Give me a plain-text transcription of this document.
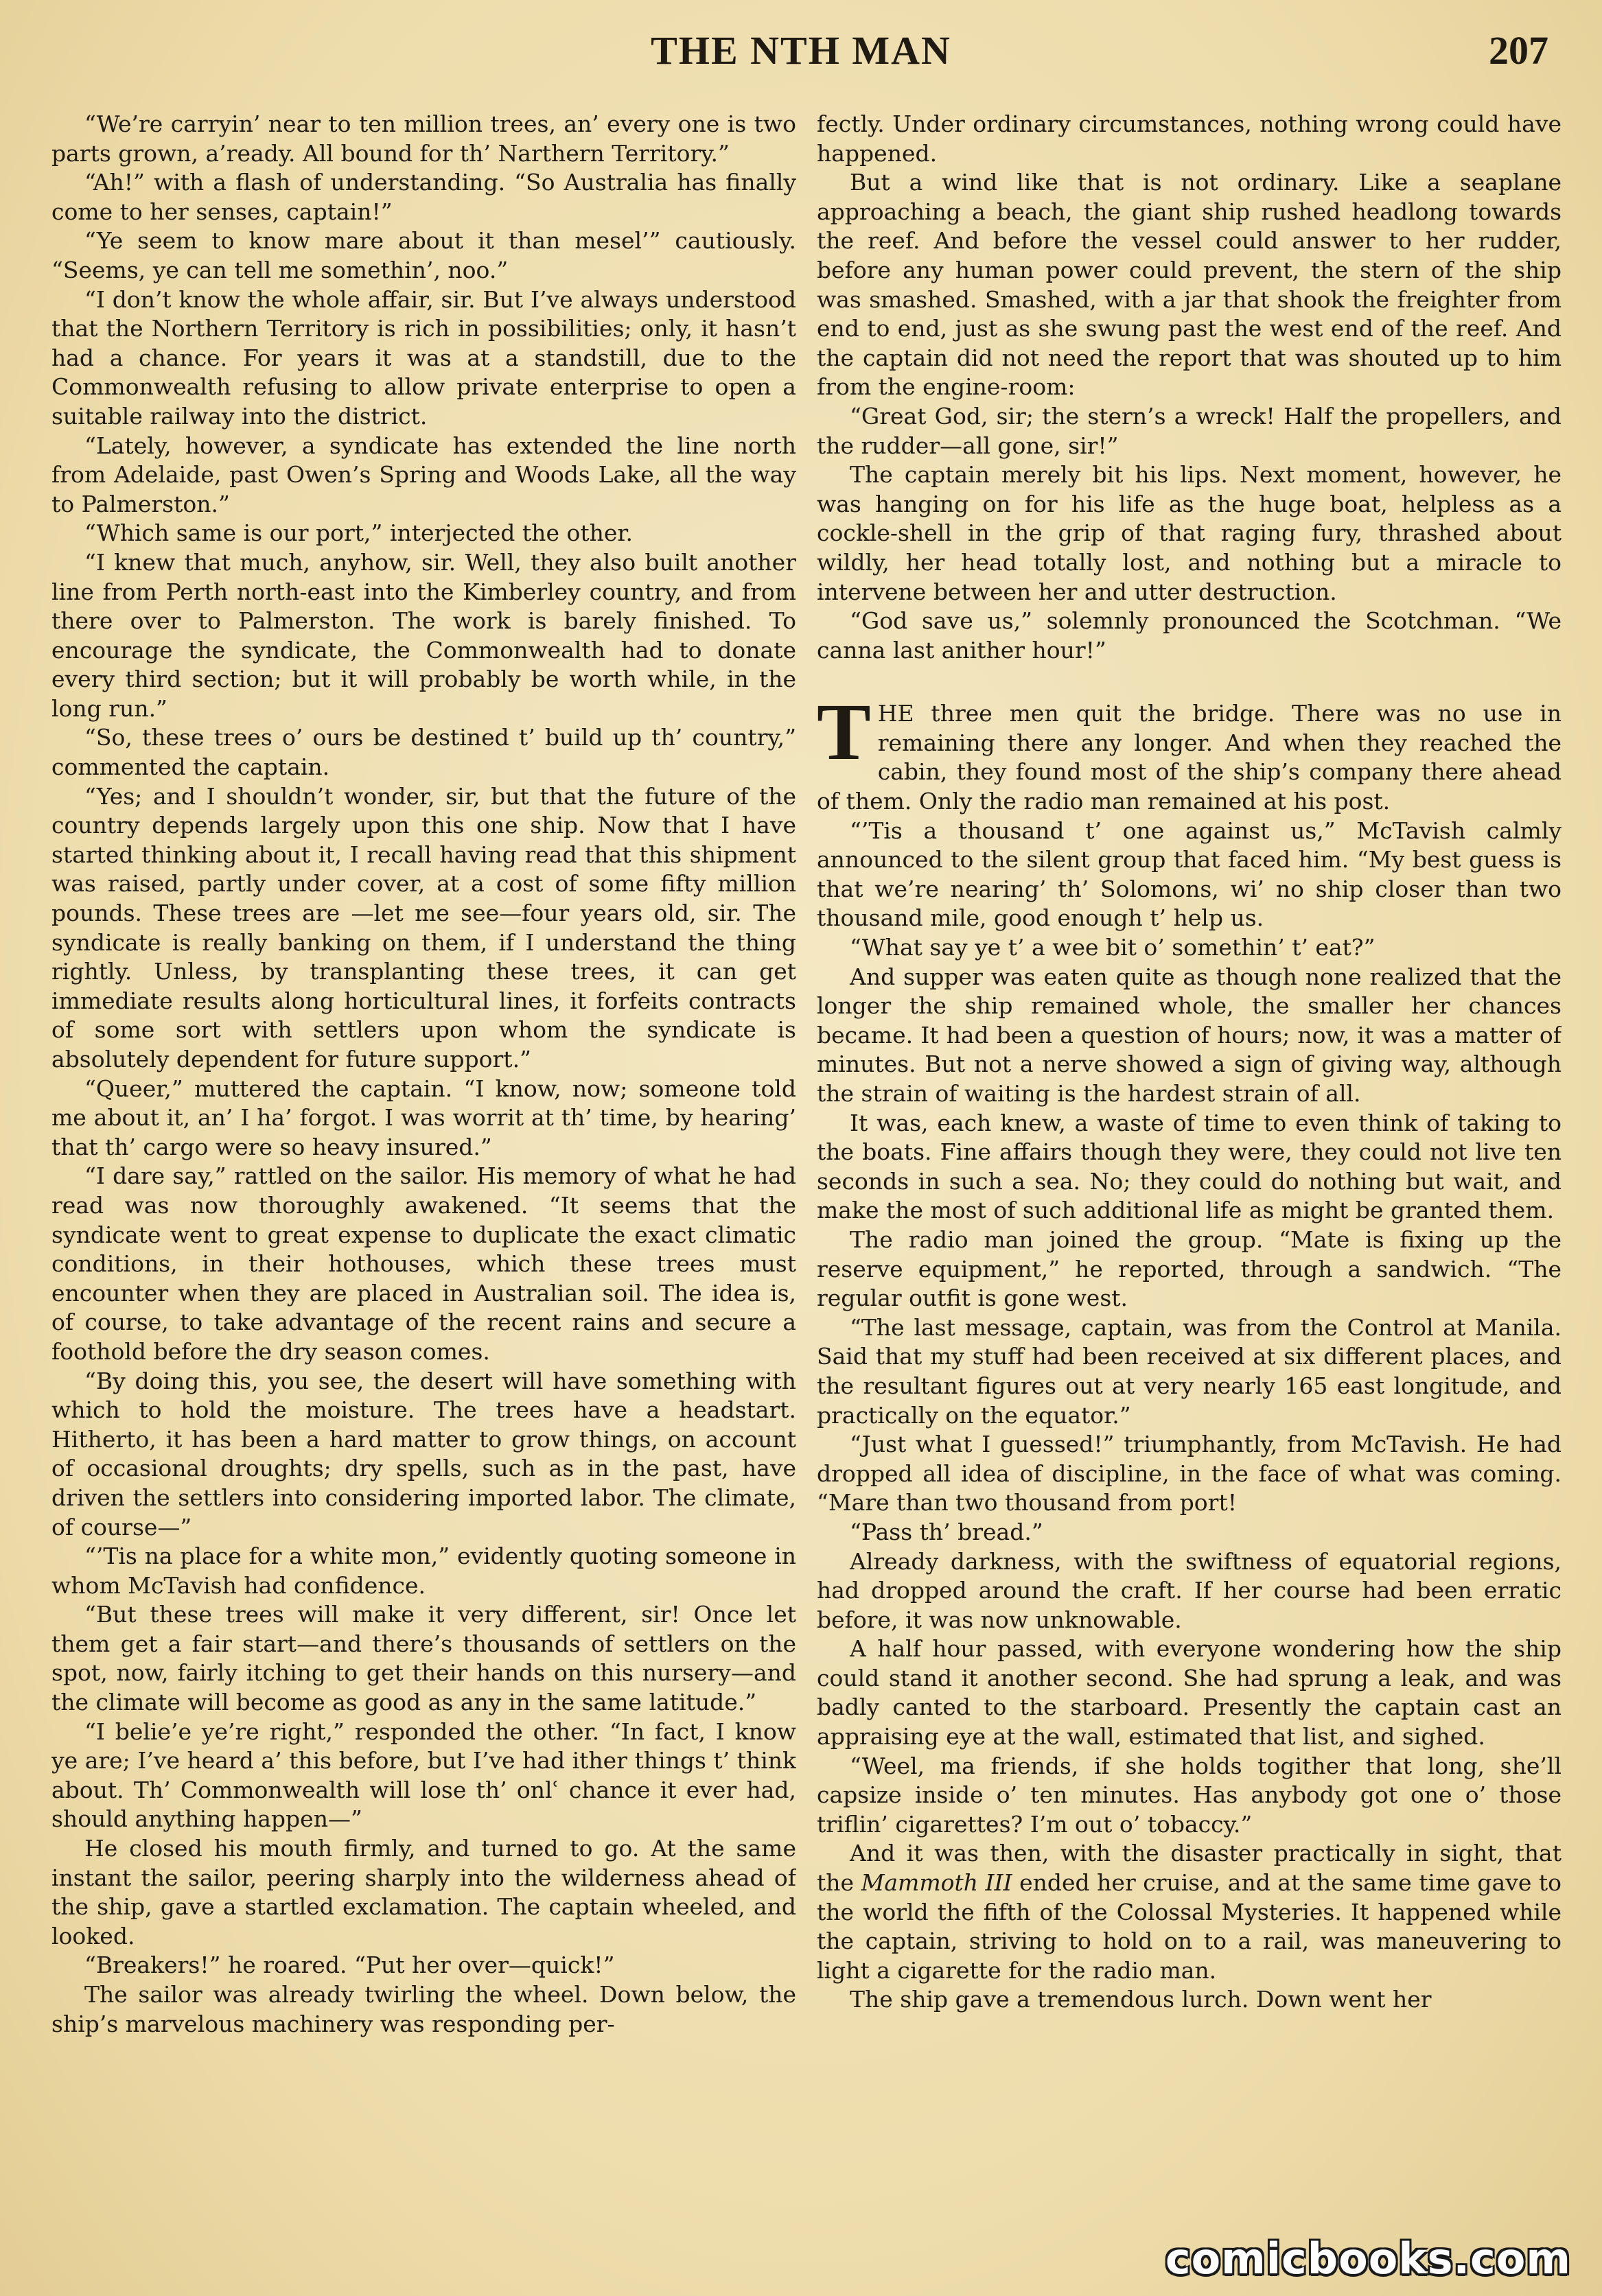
THE NTH MAN	207

“We’re carryin’ near to ten million trees, an’ every one is two parts grown, a’ready. All bound for th’ Narthern Territory.”

“Ah!” with a flash of understanding. “So Australia has finally come to her senses, captain!”

“Ye seem to know mare about it than mesel’” cautiously. “Seems, ye can tell me somethin’, noo.”

“I don’t know the whole affair, sir. But I’ve always understood that the Northern Territory is rich in possibilities; only, it hasn’t had a chance. For years it was at a standstill, due to the Commonwealth refusing to allow private enterprise to open a suitable railway into the district.

“Lately, however, a syndicate has extended the line north from Adelaide, past Owen’s Spring and Woods Lake, all the way to Palmerston.”

“Which same is our port,” interjected the other.

“I knew that much, anyhow, sir. Well, they also built another line from Perth north-east into the Kimberley country, and from there over to Palmerston. The work is barely finished. To encourage the syndicate, the Commonwealth had to donate every third section; but it will probably be worth while, in the long run.”

“So, these trees o’ ours be destined t’ build up th’ country,” commented the captain.

“Yes; and I shouldn’t wonder, sir, but that the future of the country depends largely upon this one ship. Now that I have started thinking about it, I recall having read that this shipment was raised, partly under cover, at a cost of some fifty million pounds. These trees are —let me see—four years old, sir. The syndicate is really banking on them, if I understand the thing rightly. Unless, by transplanting these trees, it can get immediate results along horticultural lines, it forfeits contracts of some sort with settlers upon whom the syndicate is absolutely dependent for future support.”

“Queer,” muttered the captain. “I know, now; someone told me about it, an’ I ha’ forgot. I was worrit at th’ time, by hearing’ that th’ cargo were so heavy insured.”

“I dare say,” rattled on the sailor. His memory of what he had read was now thoroughly awakened. “It seems that the syndicate went to great expense to duplicate the exact climatic conditions, in their hothouses, which these trees must encounter when they are placed in Australian soil. The idea is, of course, to take advantage of the recent rains and secure a foothold before the dry season comes.

“By doing this, you see, the desert will have something with which to hold the moisture. The trees have a headstart. Hitherto, it has been a hard matter to grow things, on account of occasional droughts; dry spells, such as in the past, have driven the settlers into considering imported labor. The climate, of course—”

“’Tis na place for a white mon,” evidently quoting someone in whom McTavish had confidence.

“But these trees will make it very different, sir! Once let them get a fair start—and there’s thousands of settlers on the spot, now, fairly itching to get their hands on this nursery—and the climate will become as good as any in the same latitude.”

“I belie’e ye’re right,” responded the other. “In fact, I know ye are; I’ve heard a’ this before, but I’ve had ither things t’ think about. Th’ Commonwealth will lose th’ onlʿ chance it ever had, should anything happen—”

He closed his mouth firmly, and turned to go. At the same instant the sailor, peering sharply into the wilderness ahead of the ship, gave a startled exclamation. The captain wheeled, and looked.

“Breakers!” he roared. “Put her over—quick!”

The sailor was already twirling the wheel. Down below, the ship’s marvelous machinery was responding per-

fectly. Under ordinary circumstances, nothing wrong could have happened.

But a wind like that is not ordinary. Like a seaplane approaching a beach, the giant ship rushed headlong towards the reef. And before the vessel could answer to her rudder, before any human power could prevent, the stern of the ship was smashed. Smashed, with a jar that shook the freighter from end to end, just as she swung past the west end of the reef. And the captain did not need the report that was shouted up to him from the engine-room:

“Great God, sir; the stern’s a wreck! Half the propellers, and the rudder—all gone, sir!”

The captain merely bit his lips. Next moment, however, he was hanging on for his life as the huge boat, helpless as a cockle-shell in the grip of that raging fury, thrashed about wildly, her head totally lost, and nothing but a miracle to intervene between her and utter destruction.

“God save us,” solemnly pronounced the Scotchman. “We canna last anither hour!”

THE three men quit the bridge. There was no use in remaining there any longer. And when they reached the cabin, they found most of the ship’s company there ahead of them. Only the radio man remained at his post.

“’Tis a thousand t’ one against us,” McTavish calmly announced to the silent group that faced him. “My best guess is that we’re nearing’ th’ Solomons, wi’ no ship closer than two thousand mile, good enough t’ help us.

“What say ye t’ a wee bit o’ somethin’ t’ eat?”

And supper was eaten quite as though none realized that the longer the ship remained whole, the smaller her chances became. It had been a question of hours; now, it was a matter of minutes. But not a nerve showed a sign of giving way, although the strain of waiting is the hardest strain of all.

It was, each knew, a waste of time to even think of taking to the boats. Fine affairs though they were, they could not live ten seconds in such a sea. No; they could do nothing but wait, and make the most of such additional life as might be granted them.

The radio man joined the group. “Mate is fixing up the reserve equipment,” he reported, through a sandwich. “The regular outfit is gone west.

“The last message, captain, was from the Control at Manila. Said that my stuff had been received at six different places, and the resultant figures out at very nearly 165 east longitude, and practically on the equator.”

“Just what I guessed!” triumphantly, from McTavish. He had dropped all idea of discipline, in the face of what was coming. “Mare than two thousand from port!

“Pass th’ bread.”

Already darkness, with the swiftness of equatorial regions, had dropped around the craft. If her course had been erratic before, it was now unknowable.

A half hour passed, with everyone wondering how the ship could stand it another second. She had sprung a leak, and was badly canted to the starboard. Presently the captain cast an appraising eye at the wall, estimated that list, and sighed.

“Weel, ma friends, if she holds togither that long, she’ll capsize inside o’ ten minutes. Has anybody got one o’ those triflin’ cigarettes? I’m out o’ tobaccy.”

And it was then, with the disaster practically in sight, that the Mammoth III ended her cruise, and at the same time gave to the world the fifth of the Colossal Mysteries. It happened while the captain, striving to hold on to a rail, was maneuvering to light a cigarette for the radio man.

The ship gave a tremendous lurch. Down went her

comicbooks.com
